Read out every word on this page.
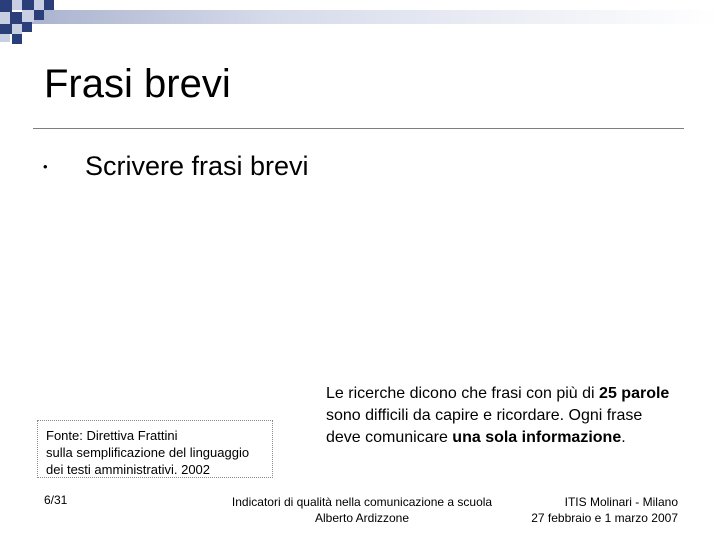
Frasi brevi
• Scrivere frasi brevi
Fonte: Direttiva Frattini
sulla semplificazione del linguaggio
dei testi amministrativi. 2002
Le ricerche dicono che frasi con più di 25 parole sono difficili da capire e ricordare. Ogni frase deve comunicare una sola informazione.
6/31	Indicatori di qualità nella comunicazione a scuola
Alberto Ardizzone
ITIS Molinari - Milano
27 febbraio e 1 marzo 2007
